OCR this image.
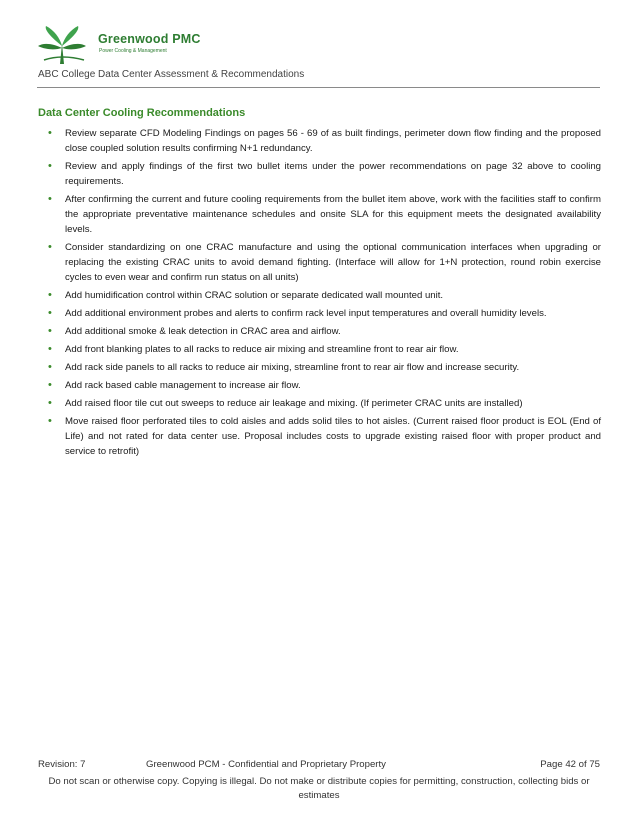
Greenwood PMC
Power Cooling & Management
ABC College Data Center Assessment & Recommendations
Data Center Cooling Recommendations
• Review separate CFD Modeling Findings on pages 56 - 69 of as built findings, perimeter down flow finding and the proposed close coupled solution results confirming N+1 redundancy.
• Review and apply findings of the first two bullet items under the power recommendations on page 32 above to cooling requirements.
• After confirming the current and future cooling requirements from the bullet item above, work with the facilities staff to confirm the appropriate preventative maintenance schedules and onsite SLA for this equipment meets the designated availability levels.
• Consider standardizing on one CRAC manufacture and using the optional communication interfaces when upgrading or replacing the existing CRAC units to avoid demand fighting. (Interface will allow for 1+N protection, round robin exercise cycles to even wear and confirm run status on all units)
• Add humidification control within CRAC solution or separate dedicated wall mounted unit.
• Add additional environment probes and alerts to confirm rack level input temperatures and overall humidity levels.
• Add additional smoke & leak detection in CRAC area and airflow.
• Add front blanking plates to all racks to reduce air mixing and streamline front to rear air flow.
• Add rack side panels to all racks to reduce air mixing, streamline front to rear air flow and increase security.
• Add rack based cable management to increase air flow.
• Add raised floor tile cut out sweeps to reduce air leakage and mixing. (If perimeter CRAC units are installed)
• Move raised floor perforated tiles to cold aisles and adds solid tiles to hot aisles. (Current raised floor product is EOL (End of Life) and not rated for data center use. Proposal includes costs to upgrade existing raised floor with proper product and service to retrofit)
Revision: 7	Greenwood PCM - Confidential and Proprietary Property	Page 42 of 75
Do not scan or otherwise copy. Copying is illegal. Do not make or distribute copies for permitting, construction, collecting bids or estimates
